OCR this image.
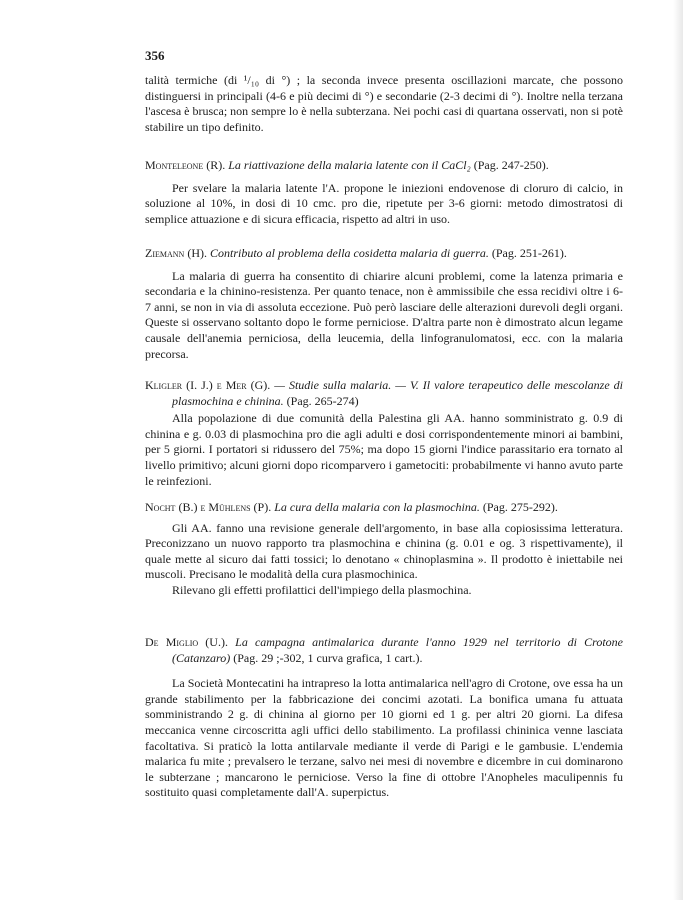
356

talità termiche (di ¹/₁₀ di °) ; la seconda invece presenta oscillazioni marcate, che possono distinguersi in principali (4-6 e più decimi di °) e secondarie (2-3 decimi di °). Inoltre nella terzana l'ascesa è brusca; non sempre lo è nella subterzana. Nei pochi casi di quartana osservati, non si potè stabilire un tipo definito.

Monteleone (R). La riattivazione della malaria latente con il CaCl₂ (Pag. 247-250).

Per svelare la malaria latente l'A. propone le iniezioni endovenose di cloruro di calcio, in soluzione al 10%, in dosi di 10 cmc. pro die, ripetute per 3-6 giorni: metodo dimostratosi di semplice attuazione e di sicura efficacia, rispetto ad altri in uso.

Ziemann (H). Contributo al problema della cosidetta malaria di guerra. (Pag. 251-261).

La malaria di guerra ha consentito di chiarire alcuni problemi, come la latenza primaria e secondaria e la chinino-resistenza. Per quanto tenace, non è ammissibile che essa recidivi oltre i 6-7 anni, se non in via di assoluta eccezione. Può però lasciare delle alterazioni durevoli degli organi. Queste si osservano soltanto dopo le forme perniciose. D'altra parte non è dimostrato alcun legame causale dell'anemia perniciosa, della leucemia, della linfogranulomatosi, ecc. con la malaria precorsa.

Kligler (I. J.) e Mer (G). — Studie sulla malaria. — V. Il valore terapeutico delle mescolanze di plasmochina e chinina. (Pag. 265-274)

Alla popolazione di due comunità della Palestina gli AA. hanno somministrato g. 0.9 di chinina e g. 0.03 di plasmochina pro die agli adulti e dosi corrispondentemente minori ai bambini, per 5 giorni. I portatori si ridussero del 75%; ma dopo 15 giorni l'indice parassitario era tornato al livello primitivo; alcuni giorni dopo ricomparvero i gametociti: probabilmente vi hanno avuto parte le reinfezioni.

Nocht (B.) e Mühlens (P). La cura della malaria con la plasmochina. (Pag. 275-292).

Gli AA. fanno una revisione generale dell'argomento, in base alla copiosissima letteratura. Preconizzano un nuovo rapporto tra plasmochina e chinina (g. 0.01 e og. 3 rispettivamente), il quale mette al sicuro dai fatti tossici; lo denotano « chinoplasmina ». Il prodotto è iniettabile nei muscoli. Precisano le modalità della cura plasmochinica.

Rilevano gli effetti profilattici dell'impiego della plasmochina.

De Miglio (U.). La campagna antimalarica durante l'anno 1929 nel territorio di Crotone (Catanzaro) (Pag. 29 ;-302, 1 curva grafica, 1 cart.).

La Società Montecatini ha intrapreso la lotta antimalarica nell'agro di Crotone, ove essa ha un grande stabilimento per la fabbricazione dei concimi azotati. La bonifica umana fu attuata somministrando 2 g. di chinina al giorno per 10 giorni ed 1 g. per altri 20 giorni. La difesa meccanica venne circoscritta agli uffici dello stabilimento. La profilassi chininica venne lasciata facoltativa. Si praticò la lotta antilarvale mediante il verde di Parigi e le gambusie. L'endemia malarica fu mite ; prevalsero le terzane, salvo nei mesi di novembre e dicembre in cui dominarono le subterzane ; mancarono le perniciose. Verso la fine di ottobre l'Anopheles maculipennis fu sostituito quasi completamente dall'A. superpictus.
